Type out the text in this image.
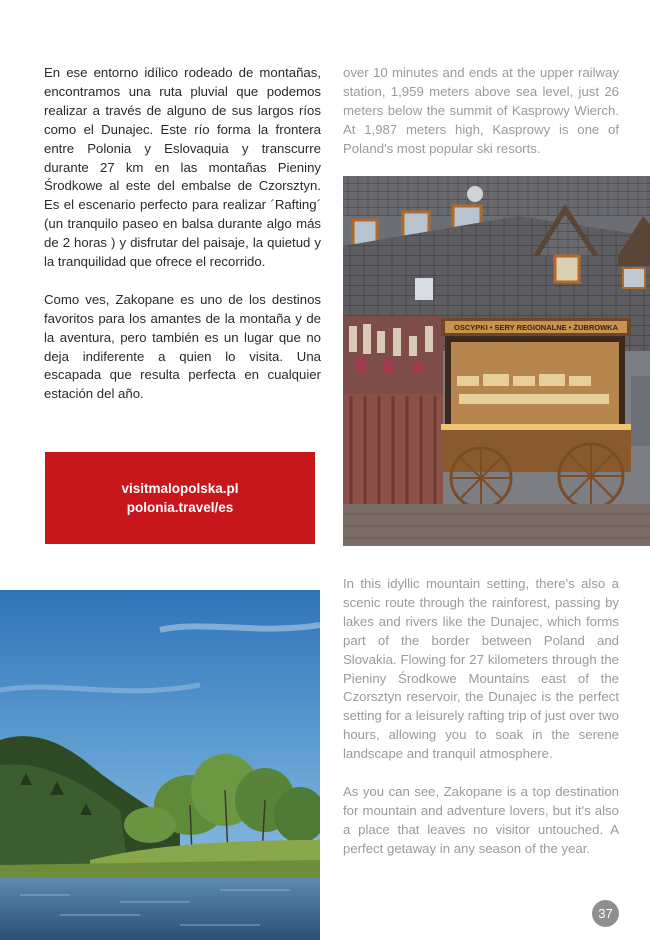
En ese entorno idílico rodeado de montañas, encontramos una ruta pluvial que podemos realizar a través de alguno de sus largos ríos como el Dunajec. Este río forma la frontera entre Polonia y Eslovaquia y transcurre durante 27 km en las montañas Pieniny Środkowe al este del embalse de Czorsztyn. Es el escenario perfecto para realizar ´Rafting´ (un tranquilo paseo en balsa durante algo más de 2 horas ) y disfrutar del paisaje, la quietud y la tranquilidad que ofrece el recorrido.

Como ves, Zakopane es uno de los destinos favoritos para los amantes de la montaña y de la aventura, pero también es un lugar que no deja indiferente a quien lo visita. Una escapada que resulta perfecta en cualquier estación del año.

visitmalopolska.pl
polonia.travel/es

over 10 minutes and ends at the upper railway station, 1,959 meters above sea level, just 26 meters below the summit of Kasprowy Wierch. At 1,987 meters high, Kasprowy is one of Poland's most popular ski resorts.

OSCYPKI • SERY REGIONALNE • ŻUBROWKA

In this idyllic mountain setting, there's also a scenic route through the rainforest, passing by lakes and rivers like the Dunajec, which forms part of the border between Poland and Slovakia. Flowing for 27 kilometers through the Pieniny Środkowe Mountains east of the Czorsztyn reservoir, the Dunajec is the perfect setting for a leisurely rafting trip of just over two hours, allowing you to soak in the serene landscape and tranquil atmosphere.

As you can see, Zakopane is a top destination for mountain and adventure lovers, but it's also a place that leaves no visitor untouched. A perfect getaway in any season of the year.

37
